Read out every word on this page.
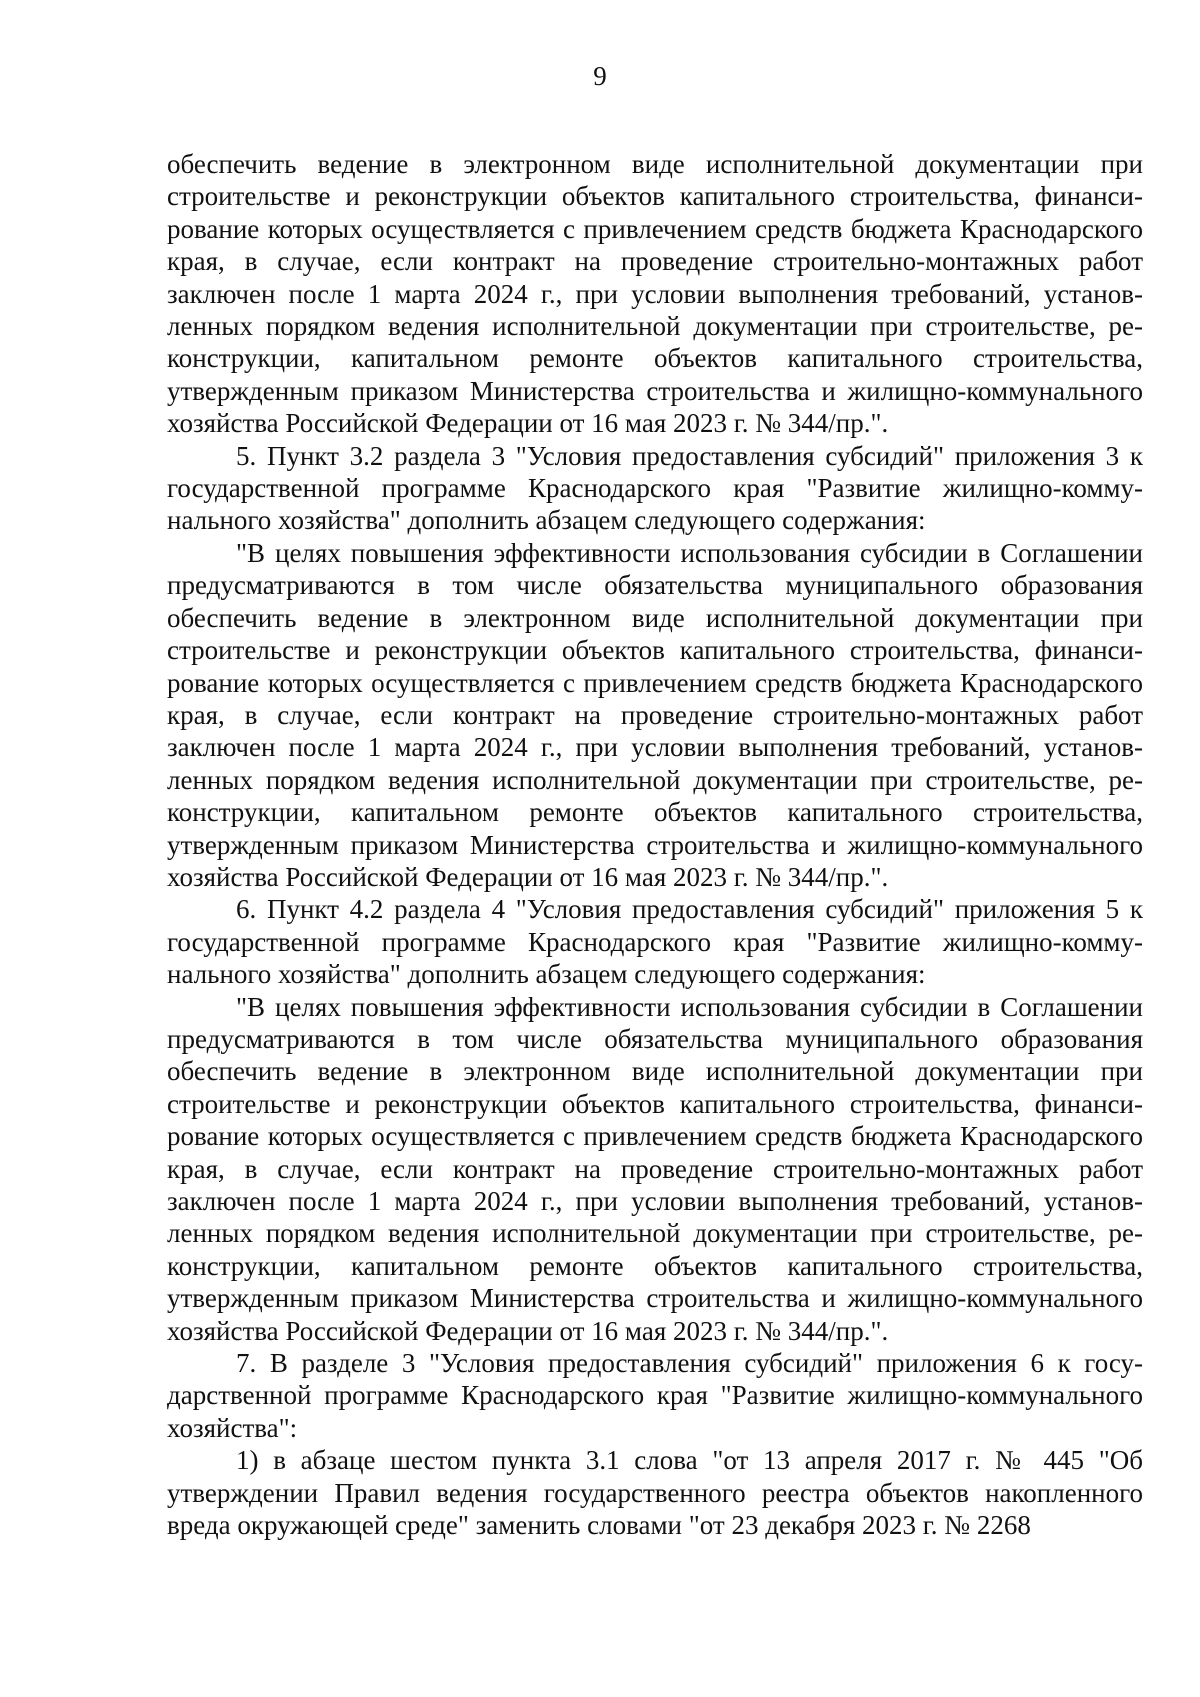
9

обеспечить ведение в электронном виде исполнительной документации при строительстве и реконструкции объектов капитального строительства, финансирование которых осуществляется с привлечением средств бюджета Краснодарского края, в случае, если контракт на проведение строительно-монтажных работ заключен после 1 марта 2024 г., при условии выполнения требований, установленных порядком ведения исполнительной документации при строительстве, реконструкции, капитальном ремонте объектов капитального строительства, утвержденным приказом Министерства строительства и жилищно-коммунального хозяйства Российской Федерации от 16 мая 2023 г. № 344/пр.".

5. Пункт 3.2 раздела 3 "Условия предоставления субсидий" приложения 3 к государственной программе Краснодарского края "Развитие жилищно-коммунального хозяйства" дополнить абзацем следующего содержания:

"В целях повышения эффективности использования субсидии в Соглашении предусматриваются в том числе обязательства муниципального образования обеспечить ведение в электронном виде исполнительной документации при строительстве и реконструкции объектов капитального строительства, финансирование которых осуществляется с привлечением средств бюджета Краснодарского края, в случае, если контракт на проведение строительно-монтажных работ заключен после 1 марта 2024 г., при условии выполнения требований, установленных порядком ведения исполнительной документации при строительстве, реконструкции, капитальном ремонте объектов капитального строительства, утвержденным приказом Министерства строительства и жилищно-коммунального хозяйства Российской Федерации от 16 мая 2023 г. № 344/пр.".

6. Пункт 4.2 раздела 4 "Условия предоставления субсидий" приложения 5 к государственной программе Краснодарского края "Развитие жилищно-коммунального хозяйства" дополнить абзацем следующего содержания:

"В целях повышения эффективности использования субсидии в Соглашении предусматриваются в том числе обязательства муниципального образования обеспечить ведение в электронном виде исполнительной документации при строительстве и реконструкции объектов капитального строительства, финансирование которых осуществляется с привлечением средств бюджета Краснодарского края, в случае, если контракт на проведение строительно-монтажных работ заключен после 1 марта 2024 г., при условии выполнения требований, установленных порядком ведения исполнительной документации при строительстве, реконструкции, капитальном ремонте объектов капитального строительства, утвержденным приказом Министерства строительства и жилищно-коммунального хозяйства Российской Федерации от 16 мая 2023 г. № 344/пр.".

7. В разделе 3 "Условия предоставления субсидий" приложения 6 к государственной программе Краснодарского края "Развитие жилищно-коммунального хозяйства":

1) в абзаце шестом пункта 3.1 слова "от 13 апреля 2017 г. № 445 "Об утверждении Правил ведения государственного реестра объектов накопленного вреда окружающей среде" заменить словами "от 23 декабря 2023 г. № 2268
